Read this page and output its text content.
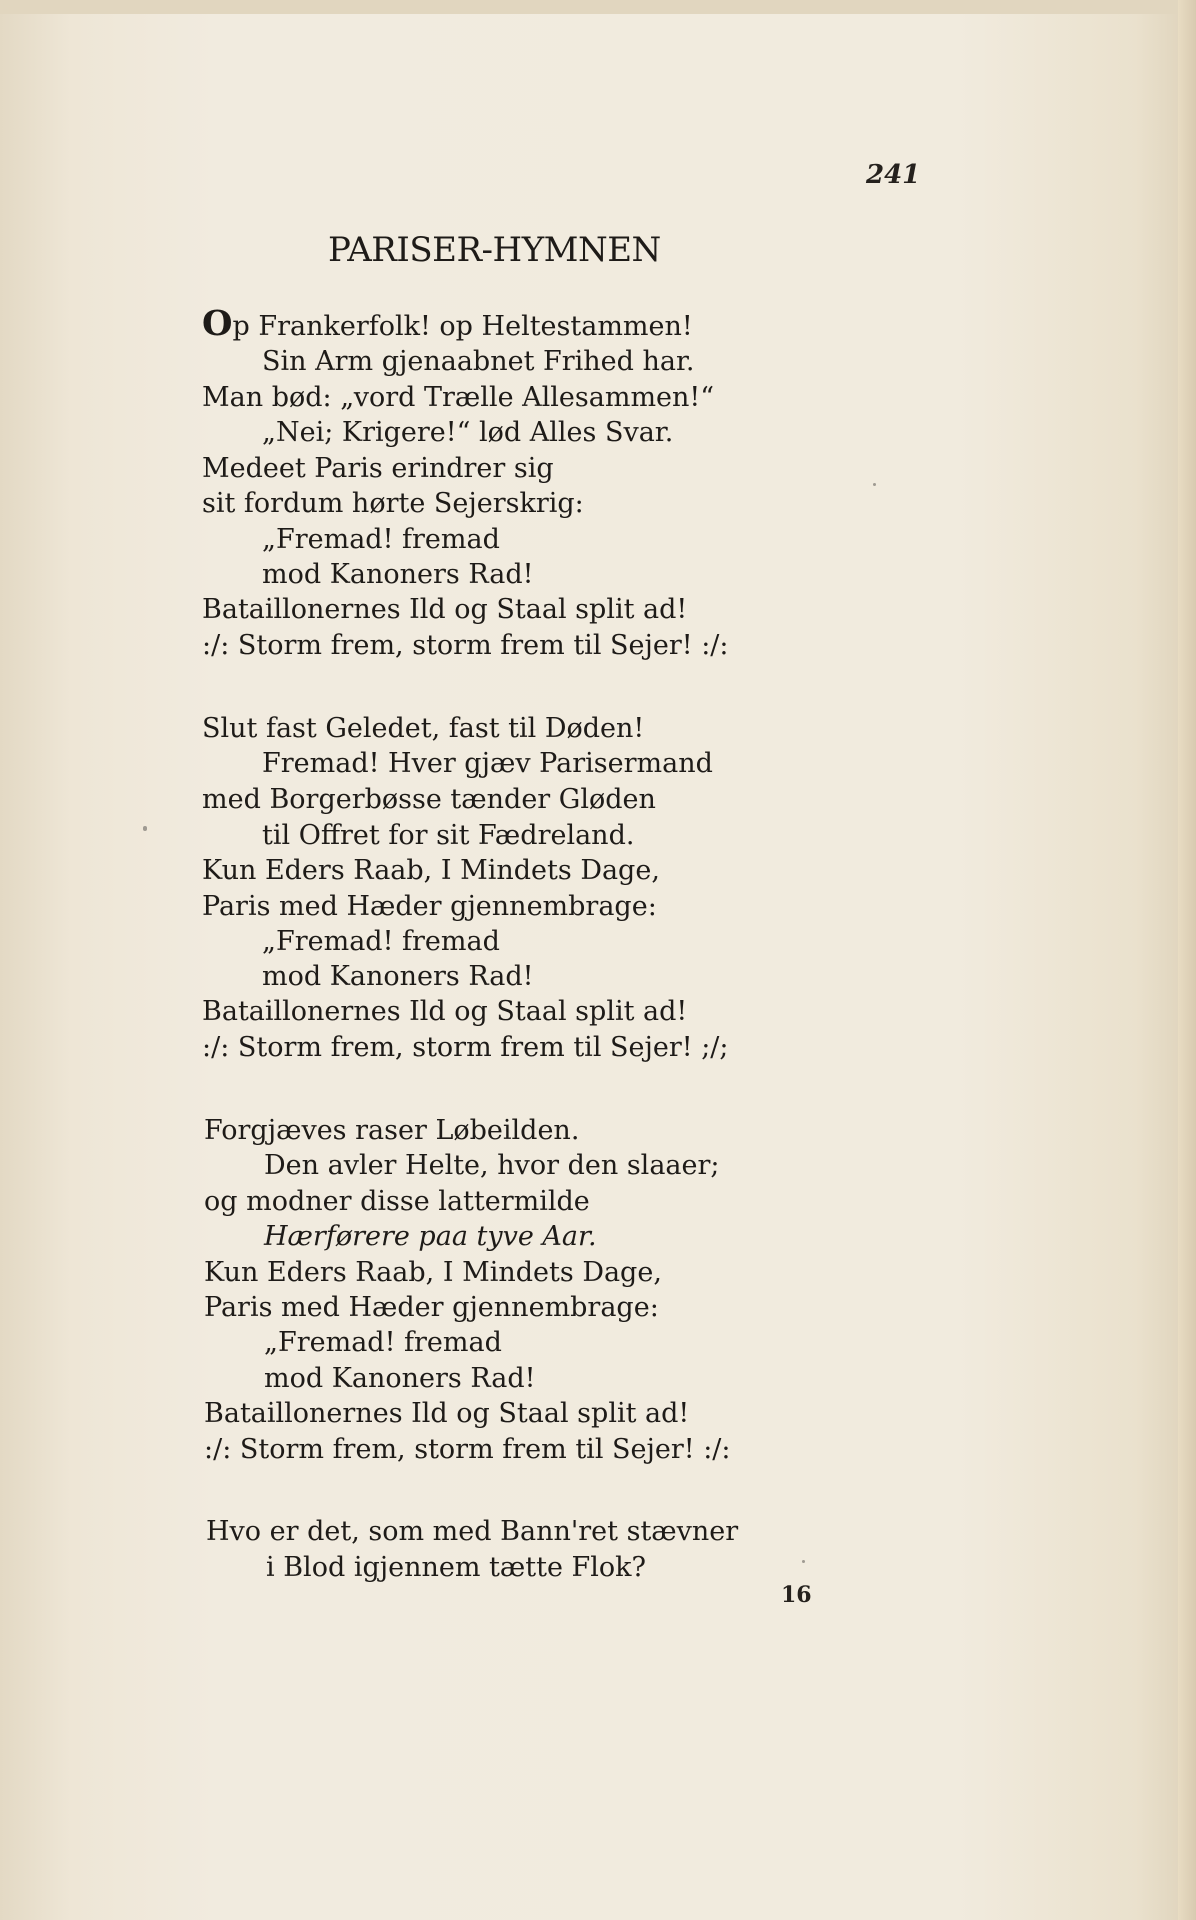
241
PARISER-HYMNEN
Op Frankerfolk! op Heltestammen!
Sin Arm gjenaabnet Frihed har.
Man bød: „vord Trælle Allesammen!“
„Nei; Krigere!“ lød Alles Svar.
Medeet Paris erindrer sig
sit fordum hørte Sejerskrig:
„Fremad! fremad
mod Kanoners Rad!
Bataillonernes Ild og Staal split ad!
:/: Storm frem, storm frem til Sejer! :/:
Slut fast Geledet, fast til Døden!
Fremad! Hver gjæv Parisermand
med Borgerbøsse tænder Gløden
til Offret for sit Fædreland.
Kun Eders Raab, I Mindets Dage,
Paris med Hæder gjennembrage:
„Fremad! fremad
mod Kanoners Rad!
Bataillonernes Ild og Staal split ad!
:/: Storm frem, storm frem til Sejer! ;/;
Forgjæves raser Løbeilden.
Den avler Helte, hvor den slaaer;
og modner disse lattermilde
Hærførere paa tyve Aar.
Kun Eders Raab, I Mindets Dage,
Paris med Hæder gjennembrage:
„Fremad! fremad
mod Kanoners Rad!
Bataillonernes Ild og Staal split ad!
:/: Storm frem, storm frem til Sejer! :/:
Hvo er det, som med Bann'ret stævner
i Blod igjennem tætte Flok?
16
